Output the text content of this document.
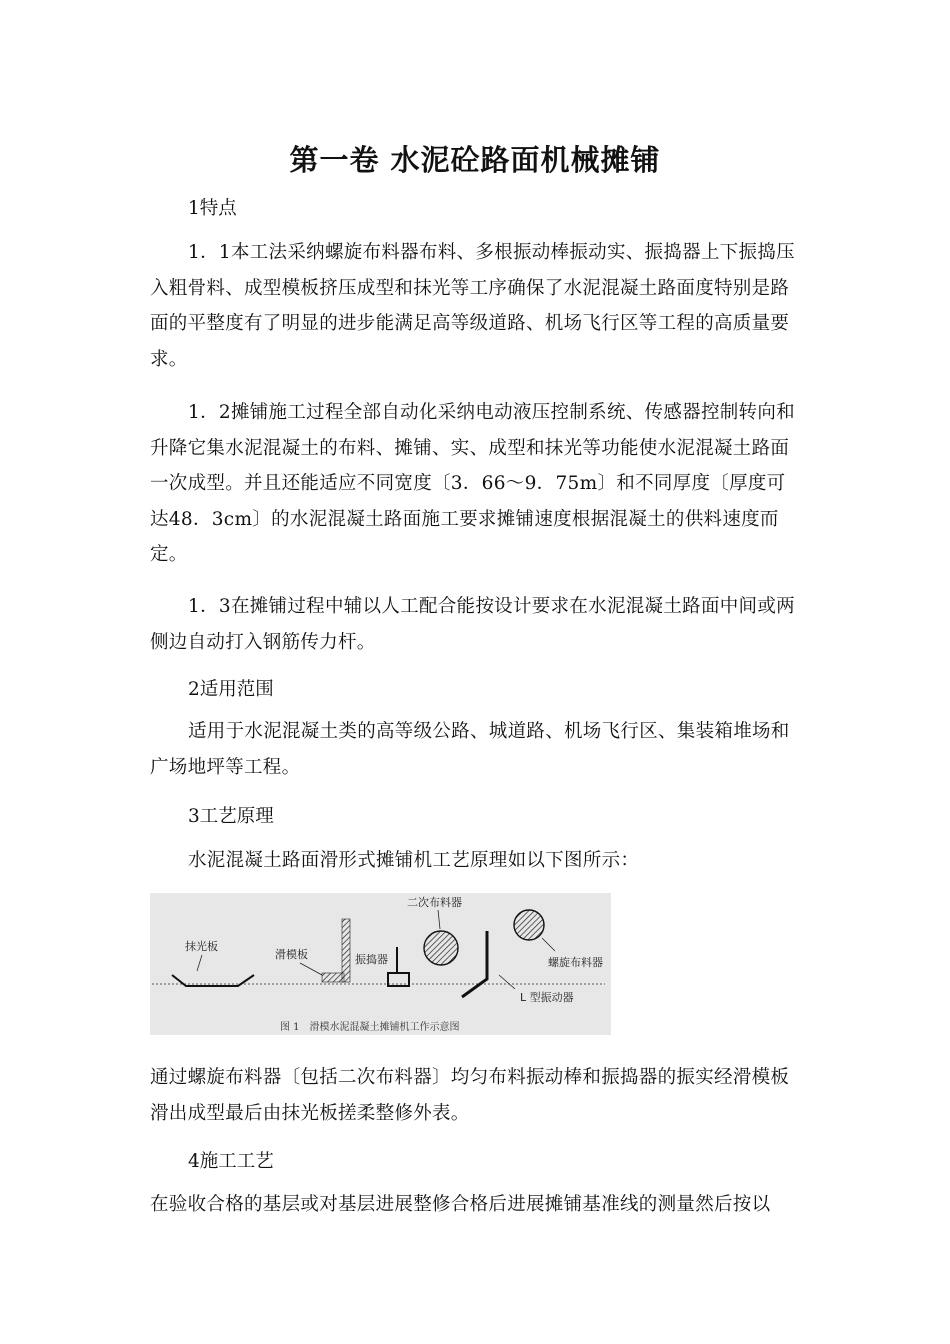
第一卷 水泥砼路面机械摊铺
1特点

1．1本工法采纳螺旋布料器布料、多根振动棒振动实、振捣器上下振捣压入粗骨料、成型模板挤压成型和抹光等工序确保了水泥混凝土路面度特别是路面的平整度有了明显的进步能满足高等级道路、机场飞行区等工程的高质量要求。

1．2摊铺施工过程全部自动化采纳电动液压控制系统、传感器控制转向和升降它集水泥混凝土的布料、摊铺、实、成型和抹光等功能使水泥混凝土路面一次成型。并且还能适应不同宽度〔3．66～9．75m〕和不同厚度〔厚度可达48．3cm〕的水泥混凝土路面施工要求摊铺速度根据混凝土的供料速度而定。

1．3在摊铺过程中辅以人工配合能按设计要求在水泥混凝土路面中间或两侧边自动打入钢筋传力杆。

2适用范围

适用于水泥混凝土类的高等级公路、城道路、机场飞行区、集装箱堆场和广场地坪等工程。

3工艺原理

水泥混凝土路面滑形式摊铺机工艺原理如以下图所示：

抹光板
滑模板	振捣器
二次布料器
L 型振动器
螺旋布料器
图 1　滑模水泥混凝土摊铺机工作示意图

通过螺旋布料器〔包括二次布料器〕均匀布料振动棒和振捣器的振实经滑模板滑出成型最后由抹光板搓柔整修外表。

4施工工艺

在验收合格的基层或对基层进展整修合格后进展摊铺基准线的测量然后按以
